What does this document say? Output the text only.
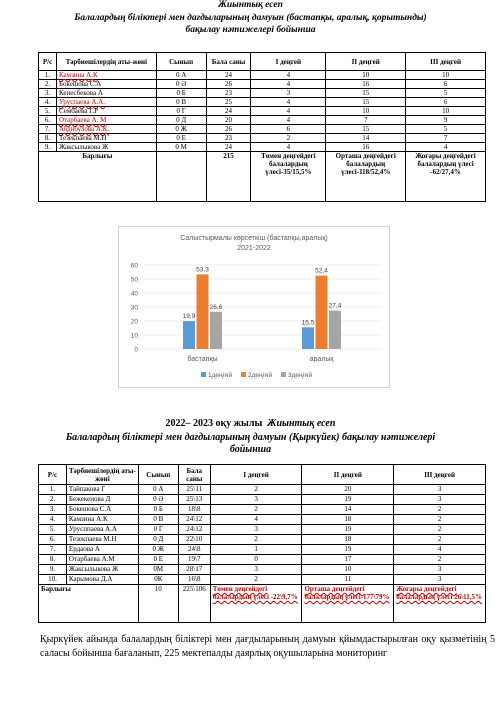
Жиынтық есеп
Балалардың біліктері мен дағдыларының дамуын (бастапқы, аралық, қорытынды)
бақылау нәтижелері бойынша
Р/с	Тәрбиешілердің аты-жөні	Сынып	Бала саны	I деңгей	II деңгей	III деңгей
1.	Камзина А.К	0 А	24	4	10	10
2.	Бокешова С.А	0 Ә	26	4	16	6
3.	Кенесбекова А	0 Б	23	3	15	5
4.	Уруспаева А.А.	0 В	25	4	15	6
5.	Сембаева Г.Р	0 Г	24	4	10	10
6.	Отарбаева А. М	0 Д	20	4	7	9
7.	Абдибулова А.К.	0 Ж	26	6	15	5
8.	Тезекпаева М.Н	0 Е	23	2	14	7
9.	Жаксылыкова Ж	0 М	24	4	16	4
Барлығы			215	Төмен деңгейдегі балалардың үлесі-35/15,5%	Орташа деңгейдегі балалардың үлесі-118/52,4%	Жоғары деңгейдегі балалардың үлесі -62/27,4%
Салыстырмалы көрсеткіш (бастапқы,аралық)
2021-2022
0
10
20
30
40
50
60
19,9
53,3
26,6
15,5
52,4
27,4
бастапқы	аралық
1деңгей 2деңгей 3деңгей
2022– 2023 оқу жылы Жиынтық есеп
Балалардың біліктері мен дағдыларының дамуын (Қыркүйек) бақылау нәтижелері
бойынша
Р/с	Тәрбиешілердің аты-жөні	Сынып	Бала саны	I деңгей	II деңгей	III деңгей
1.	Тайпакова Г	0 А	25\11	2	20	3
2.	Бежекенова Д	0 Ә	25\13	3	19	3
3.	Бокешова С.А	0 Б	18\8	2	14	2
4.	Камзина А.К	0 В	24\12	4	18	2
5.	Урусппаева А.А	0 Г	24\12	3	19	2
6.	Тезекпаева М.Н	0 Д	22\10	2	18	2
7.	Ердаова А	0 Ж	24\8	1	19	4
8.	Отарбаева А.М	0 Е	19\7	0	17	2
9.	Жаксылыкова Ж	0М	28\17	3	10	3
10.	Карымова Д.А	0К	16\8	2	11	3
Барлығы		10	225\106	Төмен деңгейдегі балалардың үлесі -22\9,7%	Орташа деңгейдегі балалардың үлесі-177\79%	Жоғары деңгейдегі балалардың үлесі 26\11,5%
Қыркүйек айында балалардың біліктері мен дағдыларының дамуын қйымдастырылған оқу қызметінің 5 саласы бойынша бағаланып, 225 мектепалды даярлық оқушыларына мониторинг
